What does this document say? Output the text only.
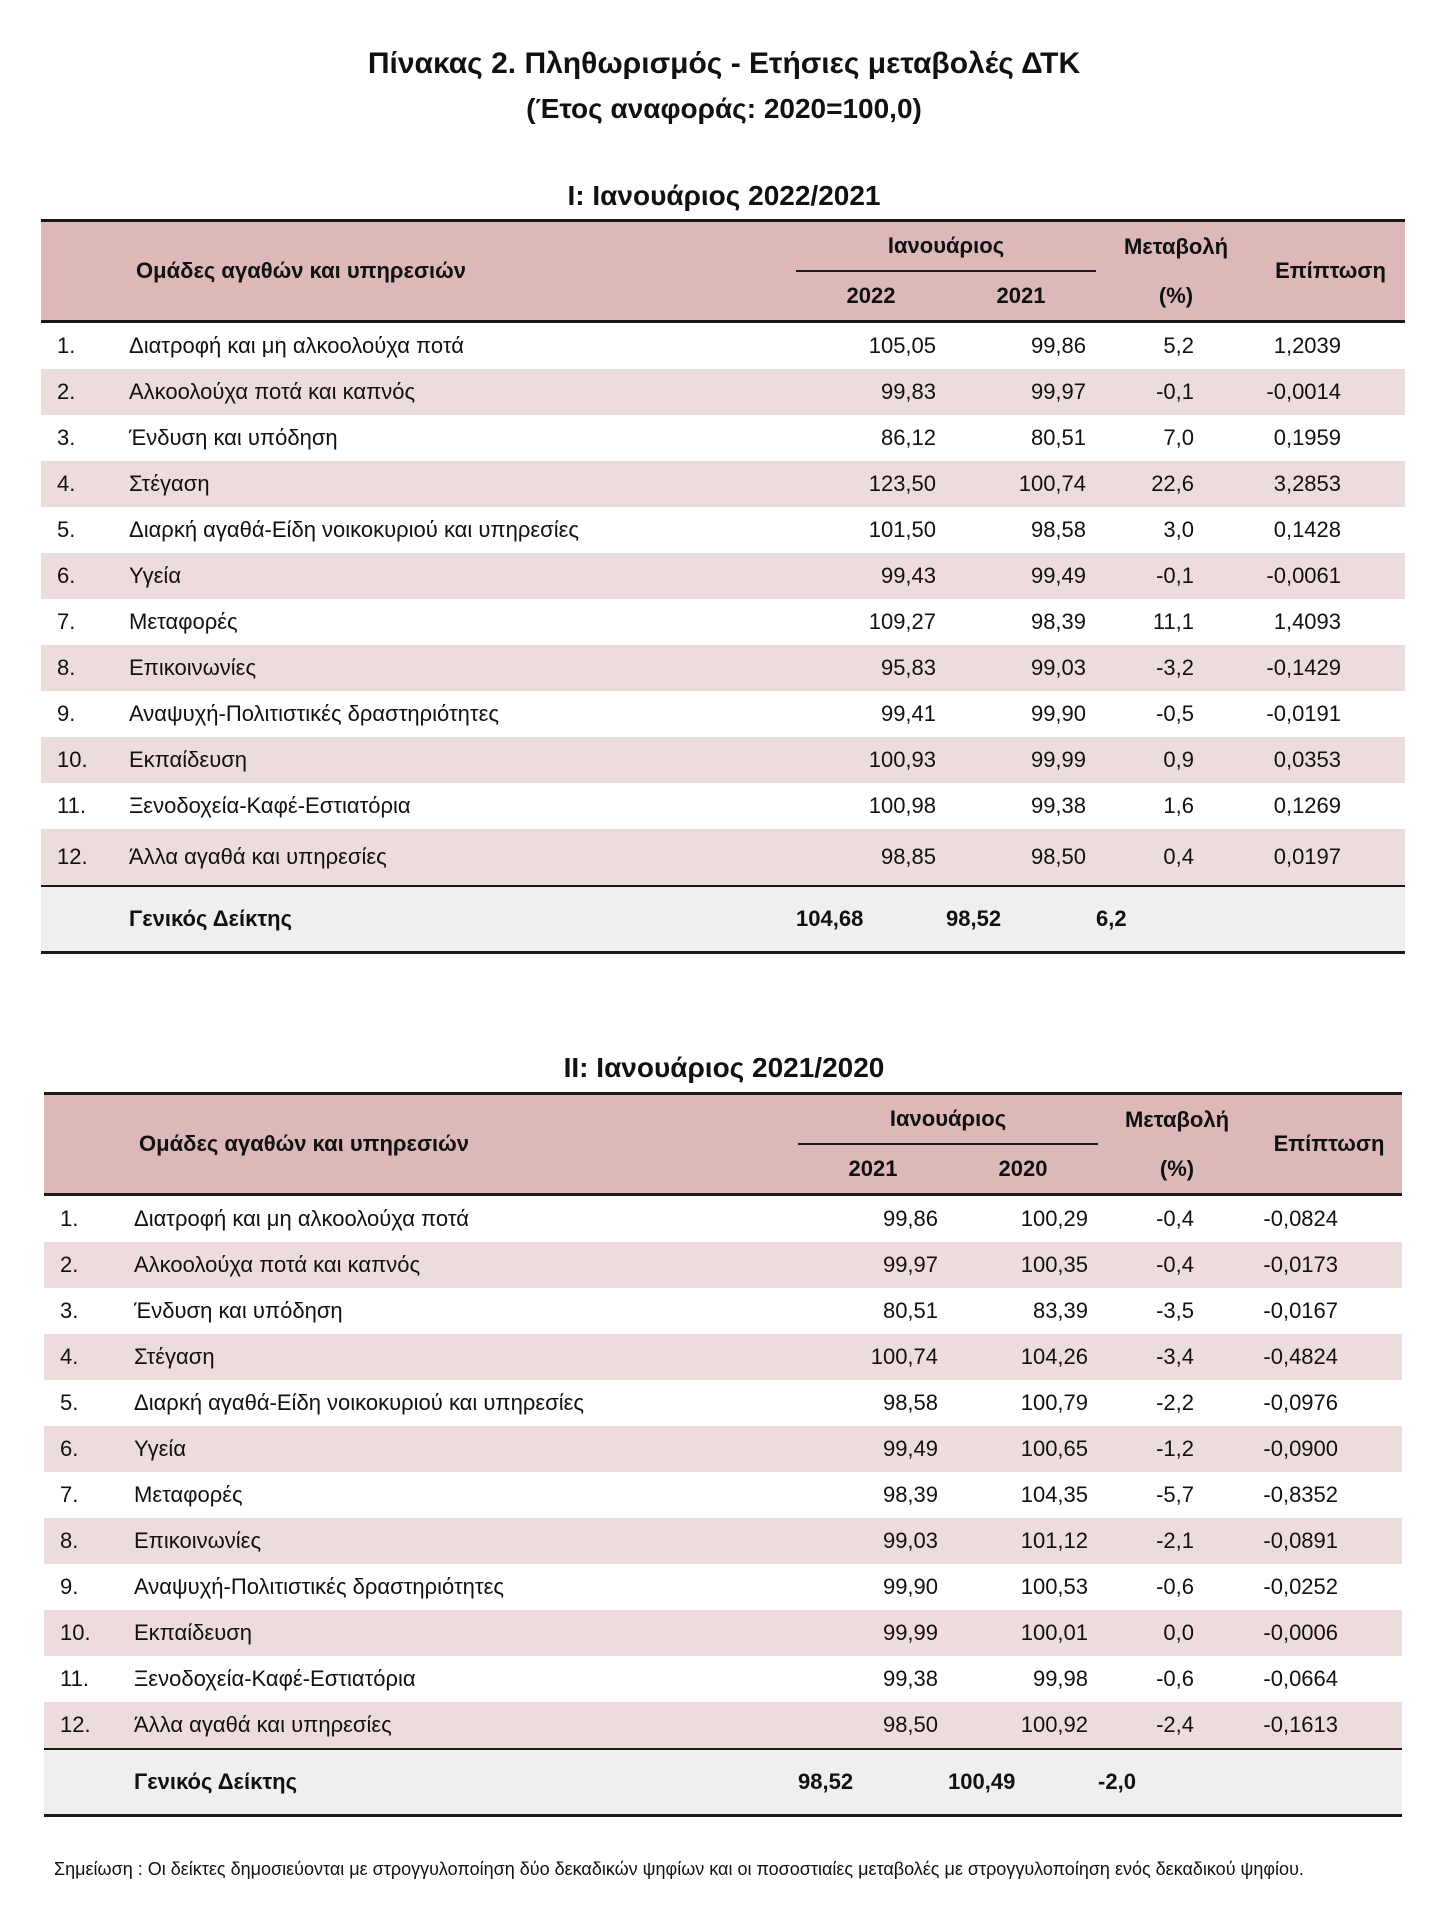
Πίνακας 2. Πληθωρισμός - Ετήσιες μεταβολές ΔΤΚ
(Έτος αναφοράς: 2020=100,0)
I: Ιανουάριος 2022/2021
Ομάδες αγαθών και υπηρεσιών		Ιανουάριος		Μεταβολή	Επίπτωση
		2022	2021	(%)	
1.	Διατροφή και μη αλκοολούχα ποτά	105,05	99,86	5,2	1,2039
2.	Αλκοολούχα ποτά και καπνός	99,83	99,97	-0,1	-0,0014
3.	Ένδυση και υπόδηση	86,12	80,51	7,0	0,1959
4.	Στέγαση	123,50	100,74	22,6	3,2853
5.	Διαρκή αγαθά-Είδη νοικοκυριού και υπηρεσίες	101,50	98,58	3,0	0,1428
6.	Υγεία	99,43	99,49	-0,1	-0,0061
7.	Μεταφορές	109,27	98,39	11,1	1,4093
8.	Επικοινωνίες	95,83	99,03	-3,2	-0,1429
9.	Αναψυχή-Πολιτιστικές δραστηριότητες	99,41	99,90	-0,5	-0,0191
10.	Εκπαίδευση	100,93	99,99	0,9	0,0353
11.	Ξενοδοχεία-Καφέ-Εστιατόρια	100,98	99,38	1,6	0,1269
12.	Άλλα αγαθά και υπηρεσίες	98,85	98,50	0,4	0,0197
	Γενικός Δείκτης	104,68	98,52	6,2	
II: Ιανουάριος 2021/2020
Ομάδες αγαθών και υπηρεσιών		Ιανουάριος		Μεταβολή	Επίπτωση
		2021	2020	(%)	
1.	Διατροφή και μη αλκοολούχα ποτά	99,86	100,29	-0,4	-0,0824
2.	Αλκοολούχα ποτά και καπνός	99,97	100,35	-0,4	-0,0173
3.	Ένδυση και υπόδηση	80,51	83,39	-3,5	-0,0167
4.	Στέγαση	100,74	104,26	-3,4	-0,4824
5.	Διαρκή αγαθά-Είδη νοικοκυριού και υπηρεσίες	98,58	100,79	-2,2	-0,0976
6.	Υγεία	99,49	100,65	-1,2	-0,0900
7.	Μεταφορές	98,39	104,35	-5,7	-0,8352
8.	Επικοινωνίες	99,03	101,12	-2,1	-0,0891
9.	Αναψυχή-Πολιτιστικές δραστηριότητες	99,90	100,53	-0,6	-0,0252
10.	Εκπαίδευση	99,99	100,01	0,0	-0,0006
11.	Ξενοδοχεία-Καφέ-Εστιατόρια	99,38	99,98	-0,6	-0,0664
12.	Άλλα αγαθά και υπηρεσίες	98,50	100,92	-2,4	-0,1613
	Γενικός Δείκτης	98,52	100,49	-2,0	
Σημείωση : Οι δείκτες δημοσιεύονται με στρογγυλοποίηση δύο δεκαδικών ψηφίων και οι ποσοστιαίες μεταβολές με στρογγυλοποίηση ενός δεκαδικού ψηφίου.
